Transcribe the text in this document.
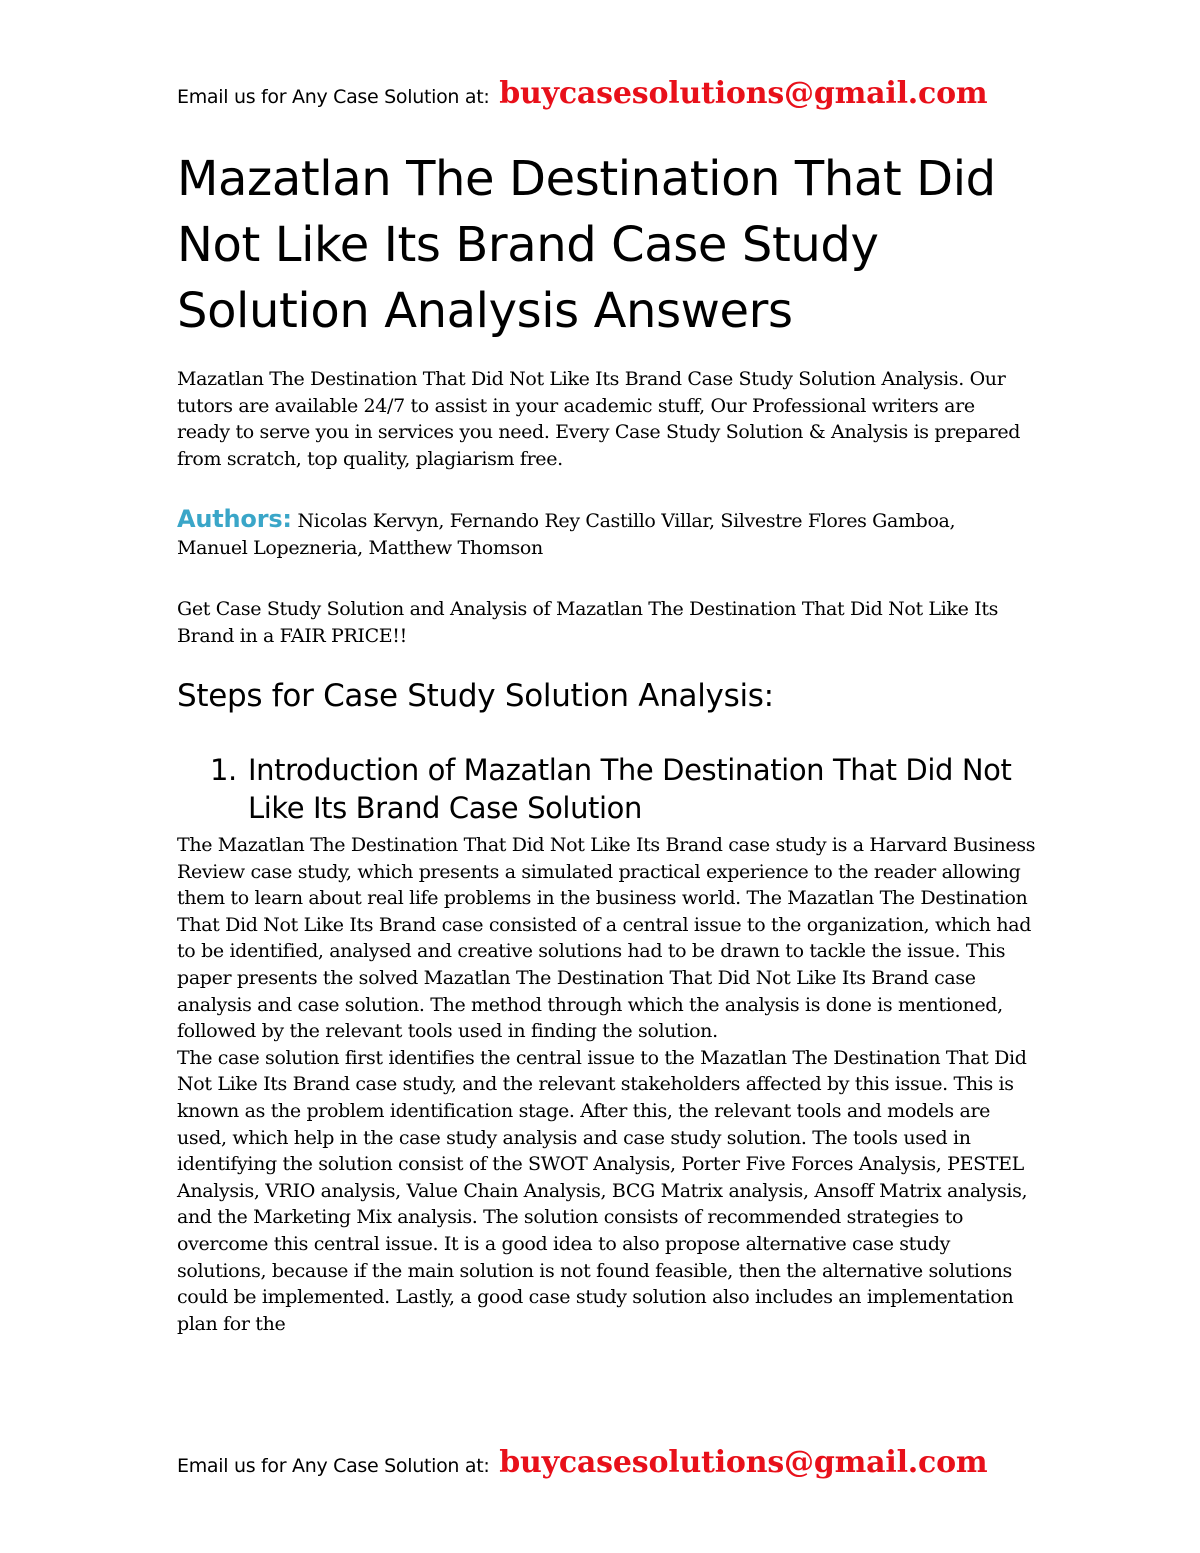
Email us for Any Case Solution at: buycasesolutions@gmail.com
Mazatlan The Destination That Did Not Like Its Brand Case Study Solution Analysis Answers

Mazatlan The Destination That Did Not Like Its Brand Case Study Solution Analysis. Our tutors are available 24/7 to assist in your academic stuff, Our Professional writers are ready to serve you in services you need. Every Case Study Solution & Analysis is prepared from scratch, top quality, plagiarism free.

Authors: Nicolas Kervyn, Fernando Rey Castillo Villar, Silvestre Flores Gamboa, Manuel Lopezneria, Matthew Thomson

Get Case Study Solution and Analysis of Mazatlan The Destination That Did Not Like Its Brand in a FAIR PRICE!!

Steps for Case Study Solution Analysis:
1. Introduction of Mazatlan The Destination That Did Not Like Its Brand Case Solution

The Mazatlan The Destination That Did Not Like Its Brand case study is a Harvard Business Review case study, which presents a simulated practical experience to the reader allowing them to learn about real life problems in the business world. The Mazatlan The Destination That Did Not Like Its Brand case consisted of a central issue to the organization, which had to be identified, analysed and creative solutions had to be drawn to tackle the issue. This paper presents the solved Mazatlan The Destination That Did Not Like Its Brand case analysis and case solution. The method through which the analysis is done is mentioned, followed by the relevant tools used in finding the solution.

The case solution first identifies the central issue to the Mazatlan The Destination That Did Not Like Its Brand case study, and the relevant stakeholders affected by this issue. This is known as the problem identification stage. After this, the relevant tools and models are used, which help in the case study analysis and case study solution. The tools used in identifying the solution consist of the SWOT Analysis, Porter Five Forces Analysis, PESTEL Analysis, VRIO analysis, Value Chain Analysis, BCG Matrix analysis, Ansoff Matrix analysis, and the Marketing Mix analysis. The solution consists of recommended strategies to overcome this central issue. It is a good idea to also propose alternative case study solutions, because if the main solution is not found feasible, then the alternative solutions could be implemented. Lastly, a good case study solution also includes an implementation plan for the

Email us for Any Case Solution at: buycasesolutions@gmail.com
